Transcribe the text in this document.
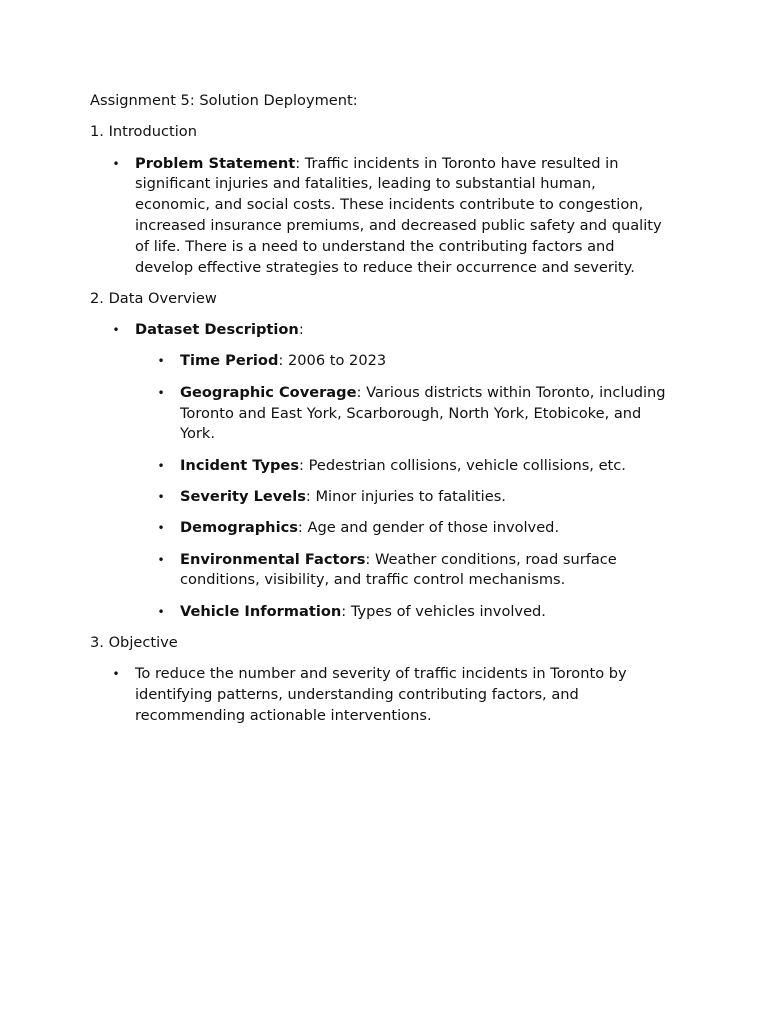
Assignment 5: Solution Deployment:

1. Introduction

• Problem Statement: Traffic incidents in Toronto have resulted in significant injuries and fatalities, leading to substantial human, economic, and social costs. These incidents contribute to congestion, increased insurance premiums, and decreased public safety and quality of life. There is a need to understand the contributing factors and develop effective strategies to reduce their occurrence and severity.

2. Data Overview

• Dataset Description:
• Time Period: 2006 to 2023
• Geographic Coverage: Various districts within Toronto, including Toronto and East York, Scarborough, North York, Etobicoke, and York.
• Incident Types: Pedestrian collisions, vehicle collisions, etc.
• Severity Levels: Minor injuries to fatalities.
• Demographics: Age and gender of those involved.
• Environmental Factors: Weather conditions, road surface conditions, visibility, and traffic control mechanisms.
• Vehicle Information: Types of vehicles involved.

3. Objective

• To reduce the number and severity of traffic incidents in Toronto by identifying patterns, understanding contributing factors, and recommending actionable interventions.
